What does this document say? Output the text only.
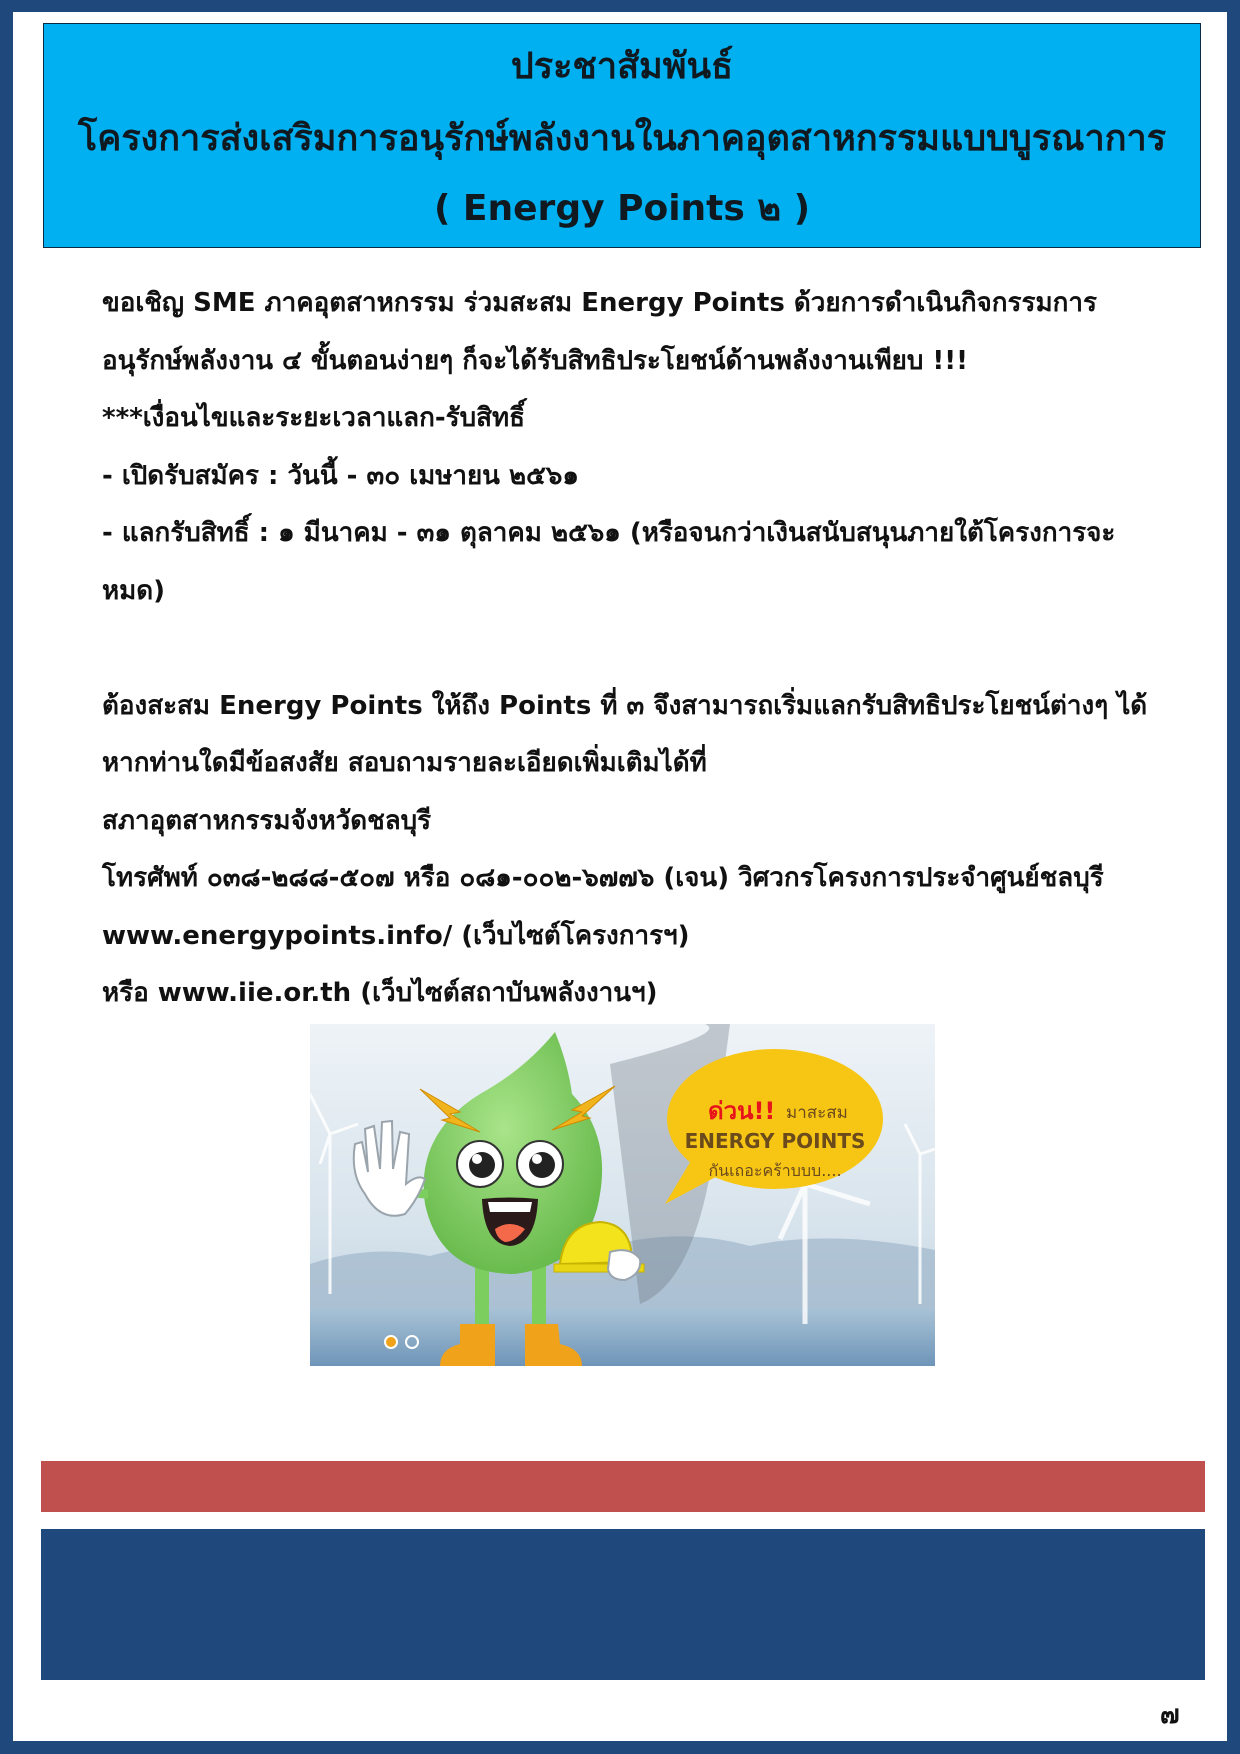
ประชาสัมพันธ์
โครงการส่งเสริมการอนุรักษ์พลังงานในภาคอุตสาหกรรมแบบบูรณาการ
( Energy Points ๒ )
ขอเชิญ SME ภาคอุตสาหกรรม ร่วมสะสม Energy Points ด้วยการดำเนินกิจกรรมการ
อนุรักษ์พลังงาน ๔ ขั้นตอนง่ายๆ ก็จะได้รับสิทธิประโยชน์ด้านพลังงานเพียบ !!!
***เงื่อนไขและระยะเวลาแลก-รับสิทธิ์
- เปิดรับสมัคร : วันนี้ - ๓๐ เมษายน ๒๕๖๑
- แลกรับสิทธิ์ : ๑ มีนาคม - ๓๑ ตุลาคม ๒๕๖๑ (หรือจนกว่าเงินสนับสนุนภายใต้โครงการจะ
หมด)
ต้องสะสม Energy Points ให้ถึง Points ที่ ๓ จึงสามารถเริ่มแลกรับสิทธิประโยชน์ต่างๆ ได้
หากท่านใดมีข้อสงสัย สอบถามรายละเอียดเพิ่มเติมได้ที่
สภาอุตสาหกรรมจังหวัดชลบุรี
โทรศัพท์ ๐๓๘-๒๘๘-๕๐๗ หรือ ๐๘๑-๐๐๒-๖๗๗๖ (เจน) วิศวกรโครงการประจำศูนย์ชลบุรี
www.energypoints.info/ (เว็บไซต์โครงการฯ)
หรือ www.iie.or.th (เว็บไซต์สถาบันพลังงานฯ)
ด่วน!! มาสะสม
ENERGY POINTS
กันเถอะคร้าบบบ....
๗
